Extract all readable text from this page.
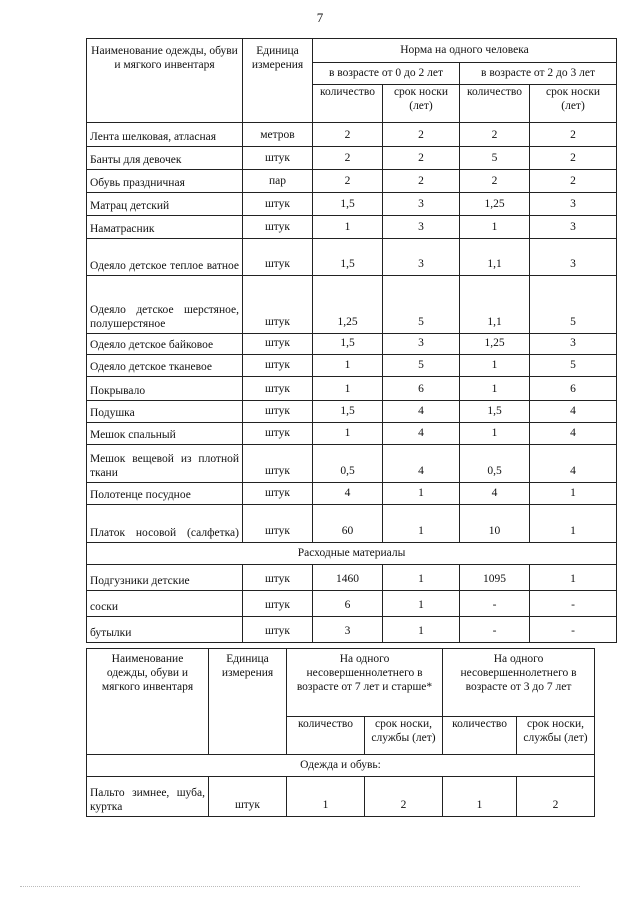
7
Наименование одежды, обуви и мягкого инвентаря	Единица измерения	Норма на одного человека			
		в возрасте от 0 до 2 лет		в возрасте от 2 до 3 лет	
		количество	срок носки (лет)	количество	срок носки (лет)
Лента шелковая, атласная	метров	2	2	2	2
Банты для девочек	штук	2	2	5	2
Обувь праздничная	пар	2	2	2	2
Матрац детский	штук	1,5	3	1,25	3
Наматрасник	штук	1	3	1	3
Одеяло детское теплое ватное	штук	1,5	3	1,1	3
Одеяло детское шерстяное, полушерстяное	штук	1,25	5	1,1	5
Одеяло детское байковое	штук	1,5	3	1,25	3
Одеяло детское тканевое	штук	1	5	1	5
Покрывало	штук	1	6	1	6
Подушка	штук	1,5	4	1,5	4
Мешок спальный	штук	1	4	1	4
Мешок вещевой из плотной ткани	штук	0,5	4	0,5	4
Полотенце посудное	штук	4	1	4	1
Платок носовой (салфетка)	штук	60	1	10	1
Расходные материалы					
Подгузники детские	штук	1460	1	1095	1
соски	штук	6	1	-	-
бутылки	штук	3	1	-	-
Наименование одежды, обуви и мягкого инвентаря	Единица измерения	На одного несовершеннолетнего в возрасте от 7 лет и старше*		На одного несовершеннолетнего в возрасте от 3 до 7 лет	
		количество	срок носки, службы (лет)	количество	срок носки, службы (лет)
Одежда и обувь:					
Пальто зимнее, шуба, куртка	штук	1	2	1	2
